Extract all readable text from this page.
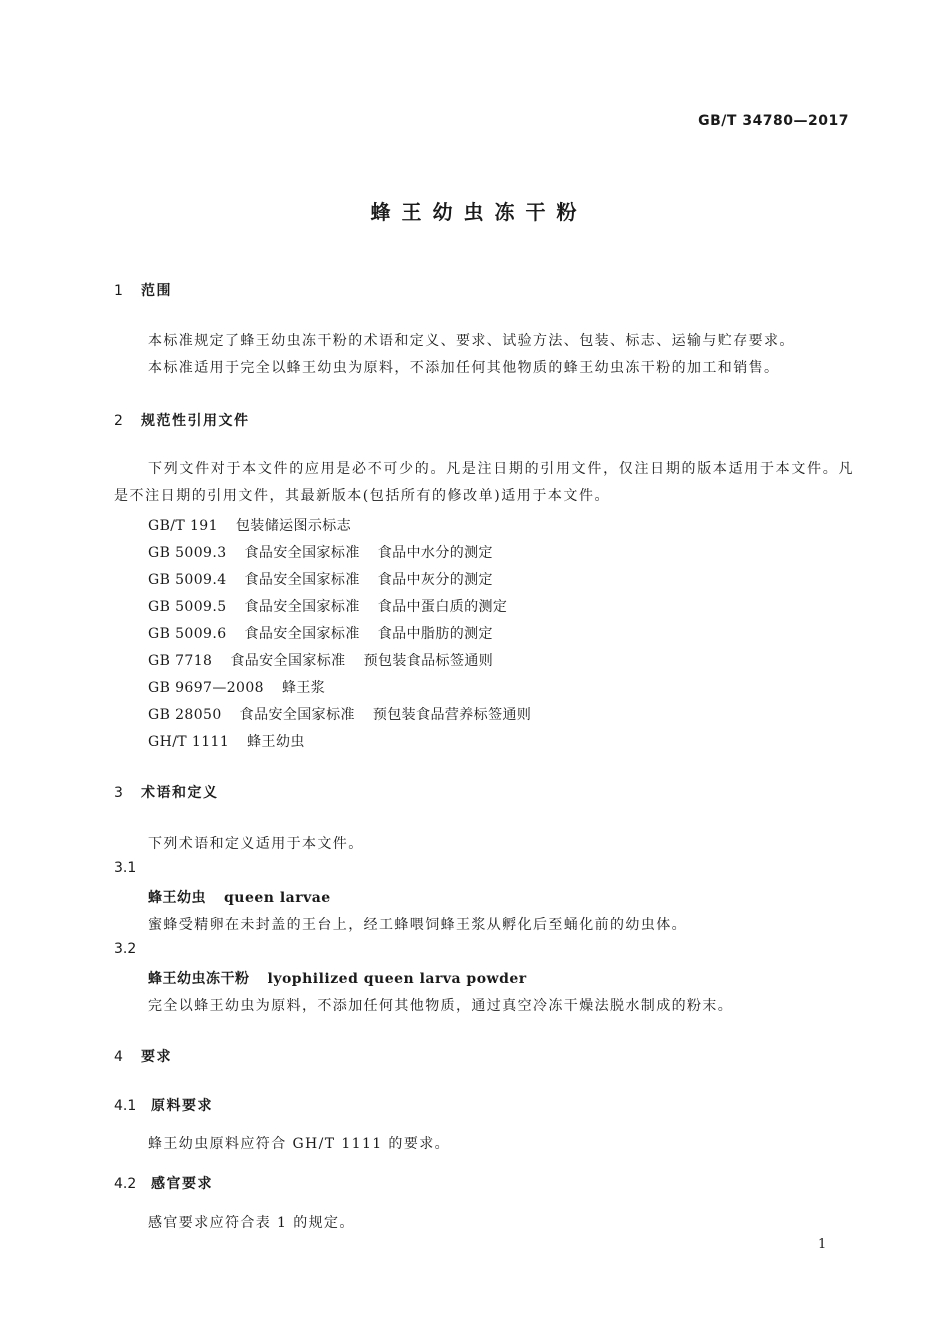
GB/T 34780—2017
蜂王幼虫冻干粉
1 范围
本标准规定了蜂王幼虫冻干粉的术语和定义、要求、试验方法、包装、标志、运输与贮存要求。
本标准适用于完全以蜂王幼虫为原料，不添加任何其他物质的蜂王幼虫冻干粉的加工和销售。
2 规范性引用文件
下列文件对于本文件的应用是必不可少的。凡是注日期的引用文件，仅注日期的版本适用于本文件。凡是不注日期的引用文件，其最新版本(包括所有的修改单)适用于本文件。
GB/T 191 包装储运图示标志
GB 5009.3 食品安全国家标准 食品中水分的测定
GB 5009.4 食品安全国家标准 食品中灰分的测定
GB 5009.5 食品安全国家标准 食品中蛋白质的测定
GB 5009.6 食品安全国家标准 食品中脂肪的测定
GB 7718 食品安全国家标准 预包装食品标签通则
GB 9697—2008 蜂王浆
GB 28050 食品安全国家标准 预包装食品营养标签通则
GH/T 1111 蜂王幼虫
3 术语和定义
下列术语和定义适用于本文件。
3.1
蜂王幼虫 queen larvae
蜜蜂受精卵在未封盖的王台上，经工蜂喂饲蜂王浆从孵化后至蛹化前的幼虫体。
3.2
蜂王幼虫冻干粉 lyophilized queen larva powder
完全以蜂王幼虫为原料，不添加任何其他物质，通过真空冷冻干燥法脱水制成的粉末。
4 要求
4.1 原料要求
蜂王幼虫原料应符合 GH/T 1111 的要求。
4.2 感官要求
感官要求应符合表 1 的规定。
1
